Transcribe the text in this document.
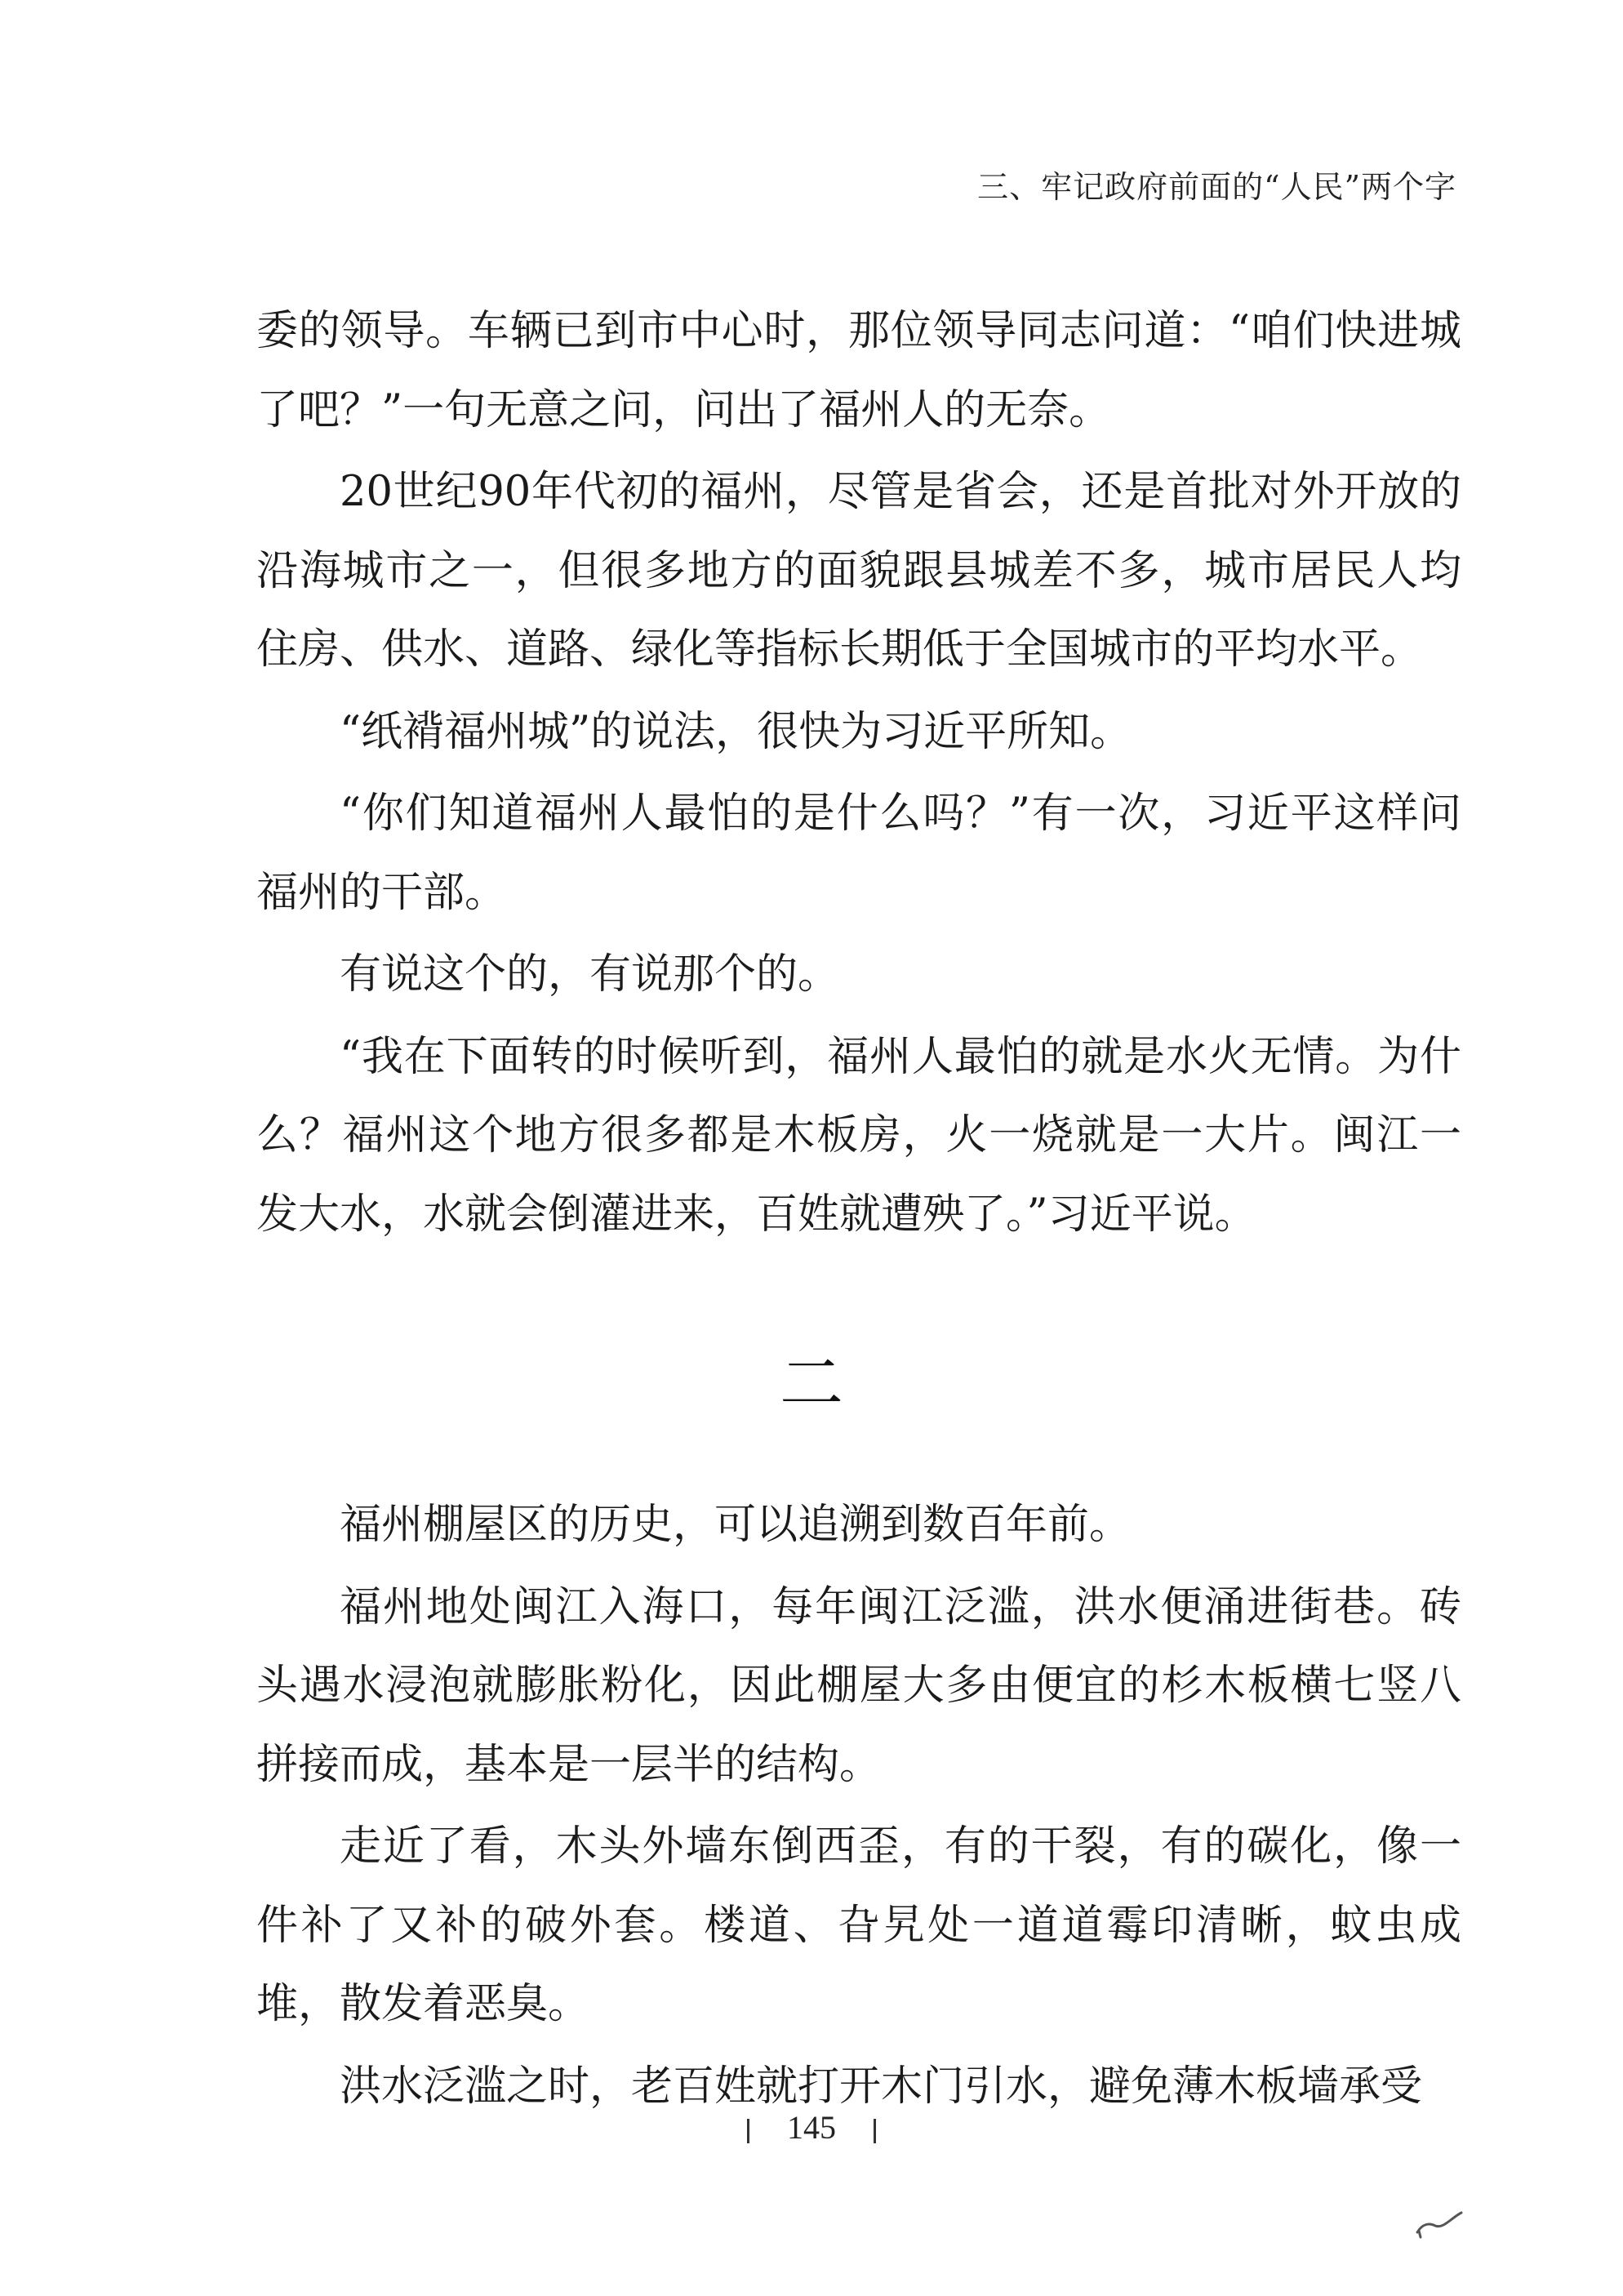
三、牢记政府前面的“人民”两个字

委的领导。车辆已到市中心时，那位领导同志问道：“咱们快进城了吧？”一句无意之问，问出了福州人的无奈。

20世纪90年代初的福州，尽管是省会，还是首批对外开放的沿海城市之一，但很多地方的面貌跟县城差不多，城市居民人均住房、供水、道路、绿化等指标长期低于全国城市的平均水平。

“纸褙福州城”的说法，很快为习近平所知。

“你们知道福州人最怕的是什么吗？”有一次，习近平这样问福州的干部。

有说这个的，有说那个的。

“我在下面转的时候听到，福州人最怕的就是水火无情。为什么？福州这个地方很多都是木板房，火一烧就是一大片。闽江一发大水，水就会倒灌进来，百姓就遭殃了。”习近平说。

二

福州棚屋区的历史，可以追溯到数百年前。

福州地处闽江入海口，每年闽江泛滥，洪水便涌进街巷。砖头遇水浸泡就膨胀粉化，因此棚屋大多由便宜的杉木板横七竖八拼接而成，基本是一层半的结构。

走近了看，木头外墙东倒西歪，有的干裂，有的碳化，像一件补了又补的破外套。楼道、旮旯处一道道霉印清晰，蚊虫成堆，散发着恶臭。

洪水泛滥之时，老百姓就打开木门引水，避免薄木板墙承受

145
